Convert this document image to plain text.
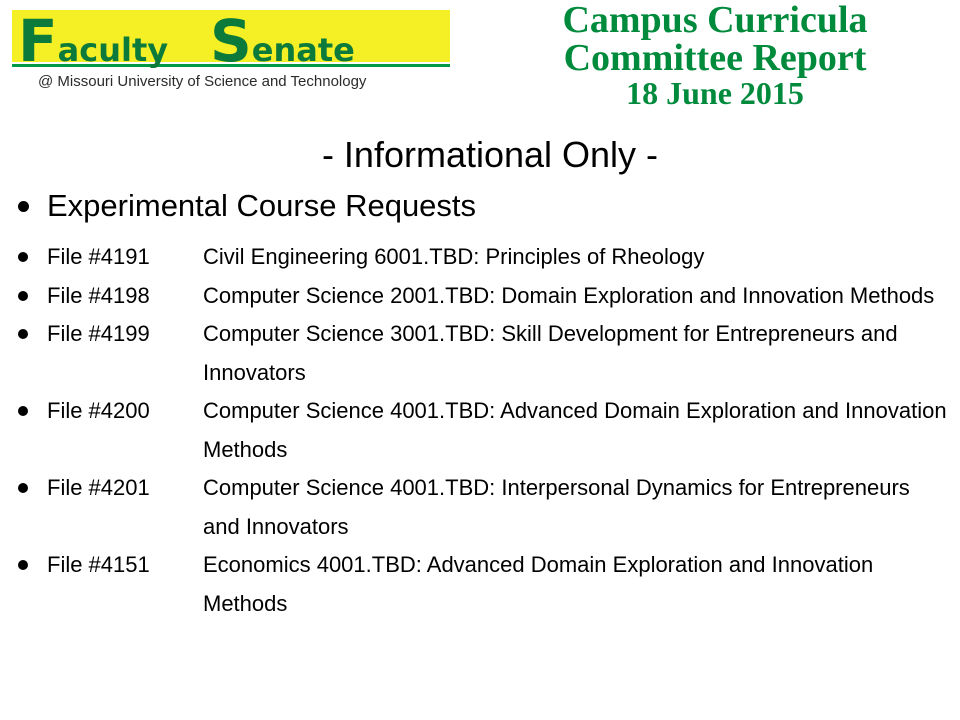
Faculty Senate
@ Missouri University of Science and Technology
Campus Curricula
Committee Report
18 June 2015
- Informational Only -
Experimental Course Requests
File #4191 Civil Engineering 6001.TBD: Principles of Rheology
File #4198 Computer Science 2001.TBD: Domain Exploration and Innovation Methods
File #4199 Computer Science 3001.TBD: Skill Development for Entrepreneurs and Innovators
File #4200 Computer Science 4001.TBD: Advanced Domain Exploration and Innovation Methods
File #4201 Computer Science 4001.TBD: Interpersonal Dynamics for Entrepreneurs and Innovators
File #4151 Economics 4001.TBD: Advanced Domain Exploration and Innovation Methods
